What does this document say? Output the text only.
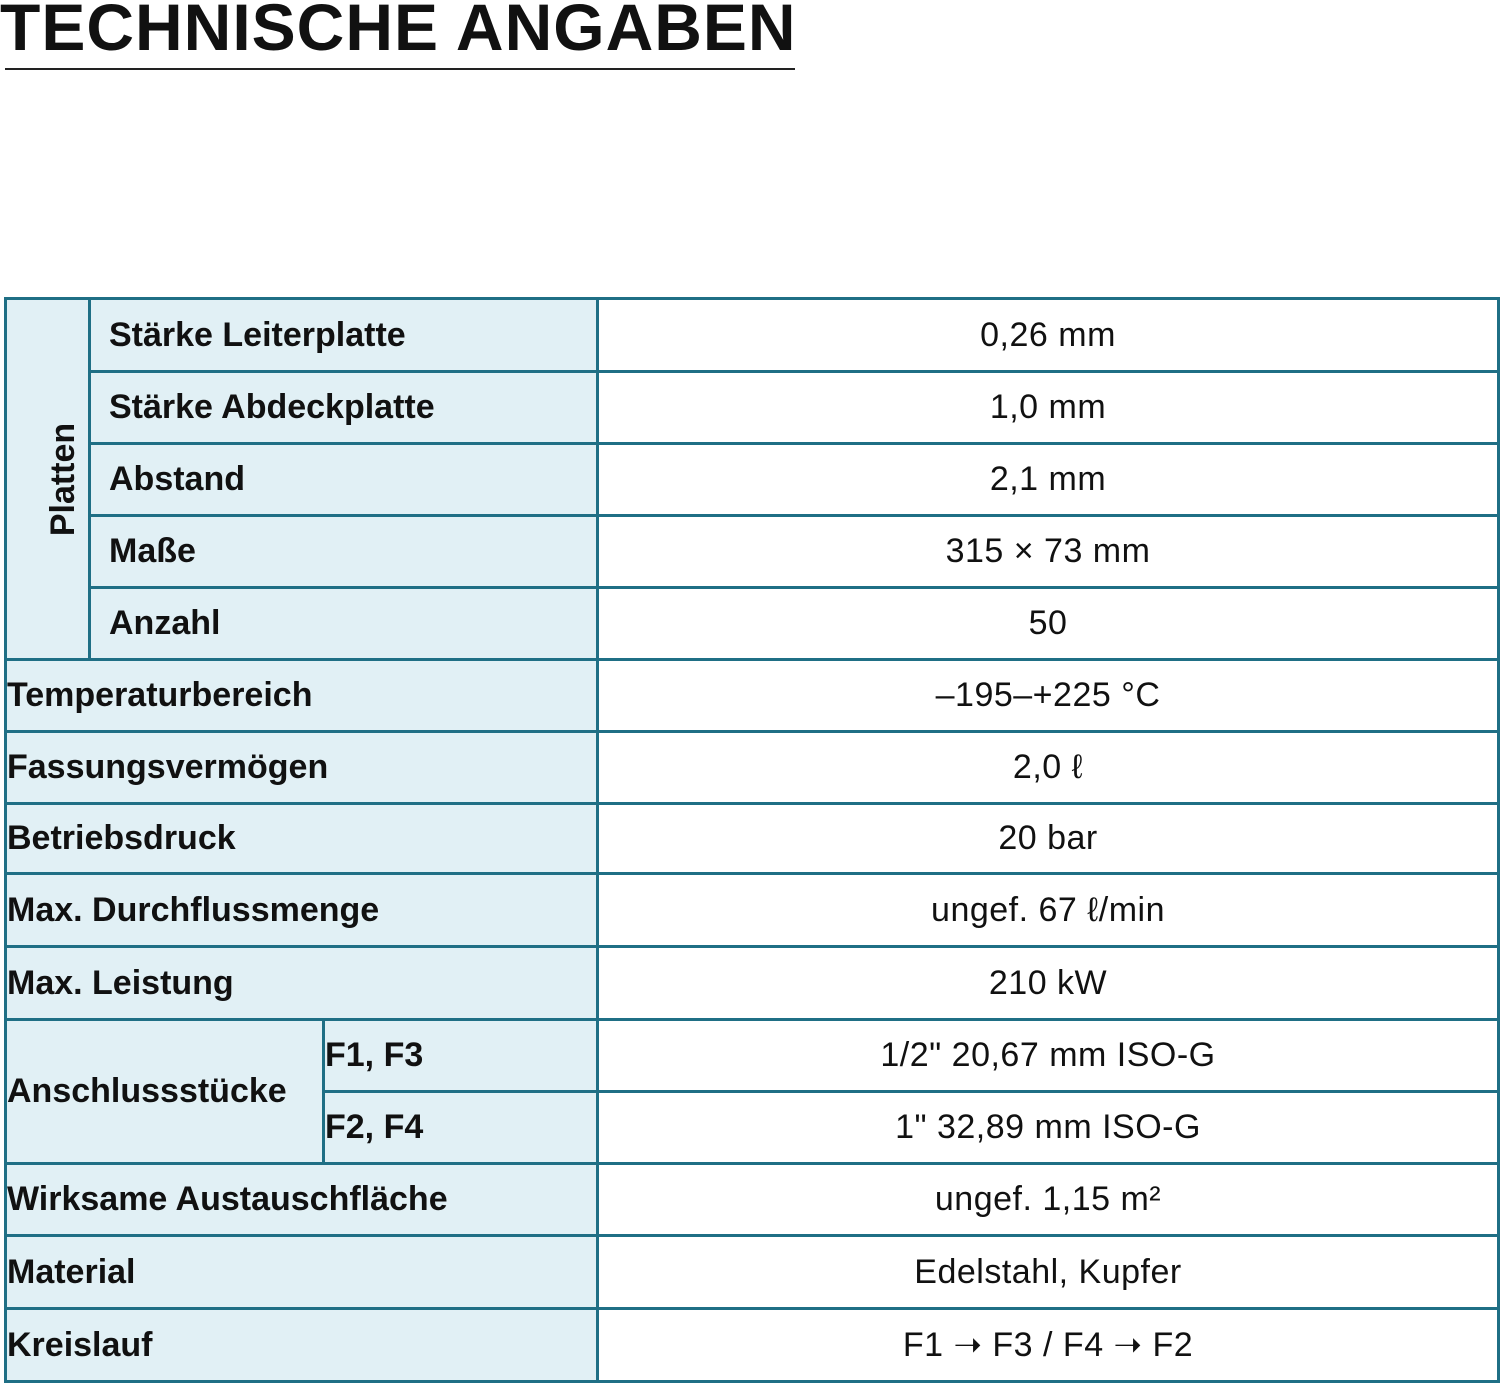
TECHNISCHE ANGABEN
Platten	Stärke Leiterplatte		0,26 mm
	Stärke Abdeckplatte		1,0 mm
	Abstand		2,1 mm
	Maße		315 × 73 mm
	Anzahl		50
Temperaturbereich			–195–+225 °C
Fassungsvermögen			2,0 ℓ
Betriebsdruck			20 bar
Max. Durchflussmenge			ungef. 67 ℓ/min
Max. Leistung			210 kW
Anschlussstücke		F1, F3	1/2" 20,67 mm ISO-G
		F2, F4	1" 32,89 mm ISO-G
Wirksame Austauschfläche			ungef. 1,15 m²
Material			Edelstahl, Kupfer
Kreislauf			F1 ➝ F3 / F4 ➝ F2
